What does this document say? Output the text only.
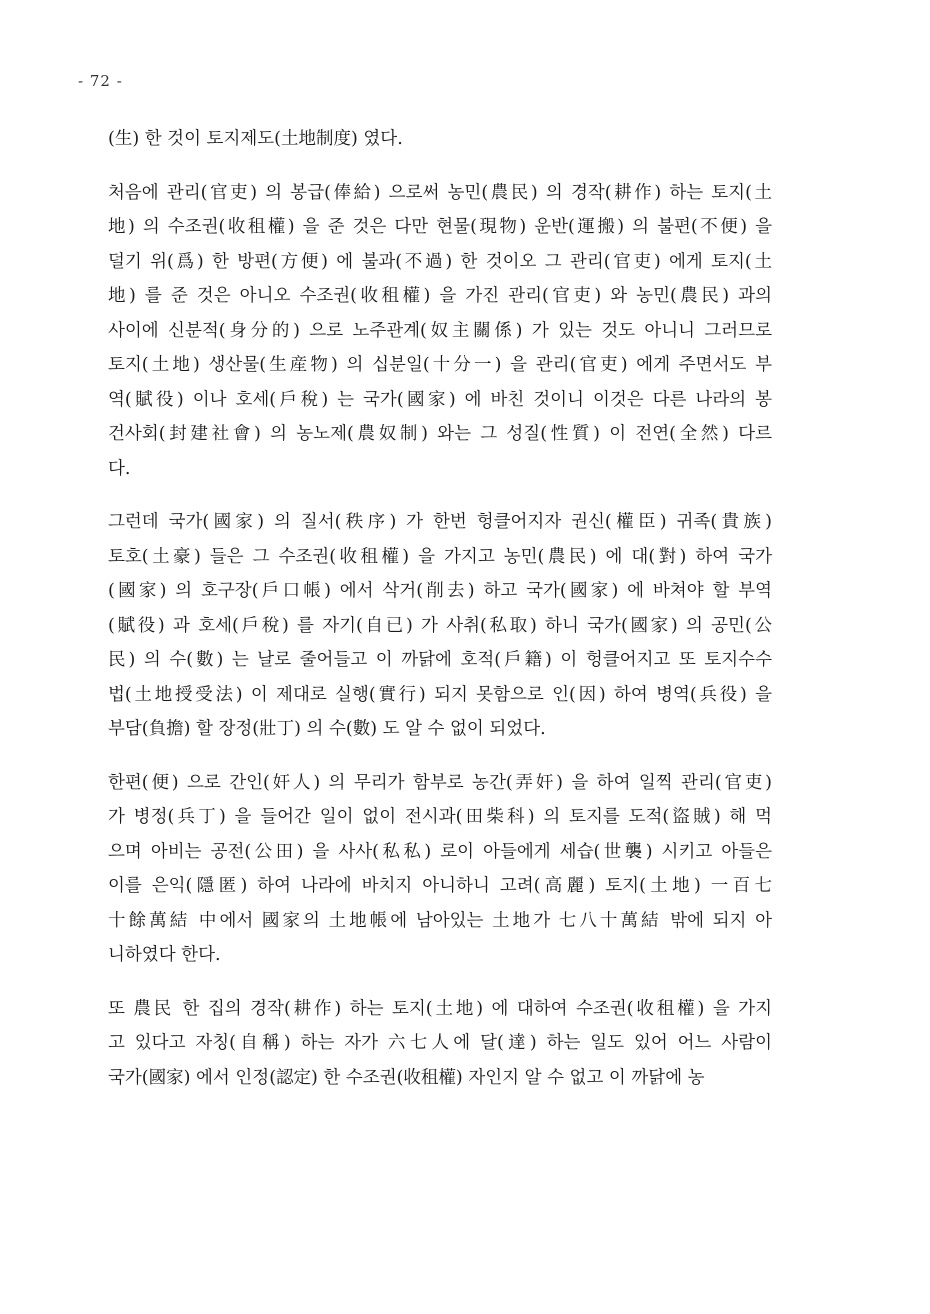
- 72 -
(生) 한 것이 토지제도(土地制度) 였다.
처음에 관리(官吏) 의 봉급(俸給) 으로써 농민(農民) 의 경작(耕作) 하는 토지(土
地) 의 수조권(收租權) 을 준 것은 다만 현물(現物) 운반(運搬) 의 불편(不便) 을
덜기 위(爲) 한 방편(方便) 에 불과(不過) 한 것이오 그 관리(官吏) 에게 토지(土
地) 를 준 것은 아니오 수조권(收租權) 을 가진 관리(官吏) 와 농민(農民) 과의
사이에 신분적(身分的) 으로 노주관계(奴主關係) 가 있는 것도 아니니 그러므로
토지(土地) 생산물(生産物) 의 십분일(十分一) 을 관리(官吏) 에게 주면서도 부
역(賦役) 이나 호세(戶稅) 는 국가(國家) 에 바친 것이니 이것은 다른 나라의 봉
건사회(封建社會) 의 농노제(農奴制) 와는 그 성질(性質) 이 전연(全然) 다르
다.
그런데 국가(國家) 의 질서(秩序) 가 한번 헝클어지자 권신(權臣) 귀족(貴族)
토호(土豪) 들은 그 수조권(收租權) 을 가지고 농민(農民) 에 대(對) 하여 국가
(國家) 의 호구장(戶口帳) 에서 삭거(削去) 하고 국가(國家) 에 바쳐야 할 부역
(賦役) 과 호세(戶稅) 를 자기(自已) 가 사취(私取) 하니 국가(國家) 의 공민(公
民) 의 수(數) 는 날로 줄어들고 이 까닭에 호적(戶籍) 이 헝클어지고 또 토지수수
법(土地授受法) 이 제대로 실행(實行) 되지 못함으로 인(因) 하여 병역(兵役) 을
부담(負擔) 할 장정(壯丁) 의 수(數) 도 알 수 없이 되었다.
한편(便) 으로 간인(奸人) 의 무리가 함부로 농간(弄奸) 을 하여 일찍 관리(官吏)
가 병정(兵丁) 을 들어간 일이 없이 전시과(田柴科) 의 토지를 도적(盜賊) 해 먹
으며 아비는 공전(公田) 을 사사(私私) 로이 아들에게 세습(世襲) 시키고 아들은
이를 은익(隱匿) 하여 나라에 바치지 아니하니 고려(高麗) 토지(土地) 一百七
十餘萬結 中에서 國家의 土地帳에 남아있는 土地가 七八十萬結 밖에 되지 아
니하였다 한다.
또 農民 한 집의 경작(耕作) 하는 토지(土地) 에 대하여 수조권(收租權) 을 가지
고 있다고 자칭(自稱) 하는 자가 六七人에 달(達) 하는 일도 있어 어느 사람이
국가(國家) 에서 인정(認定) 한 수조권(收租權) 자인지 알 수 없고 이 까닭에 농
